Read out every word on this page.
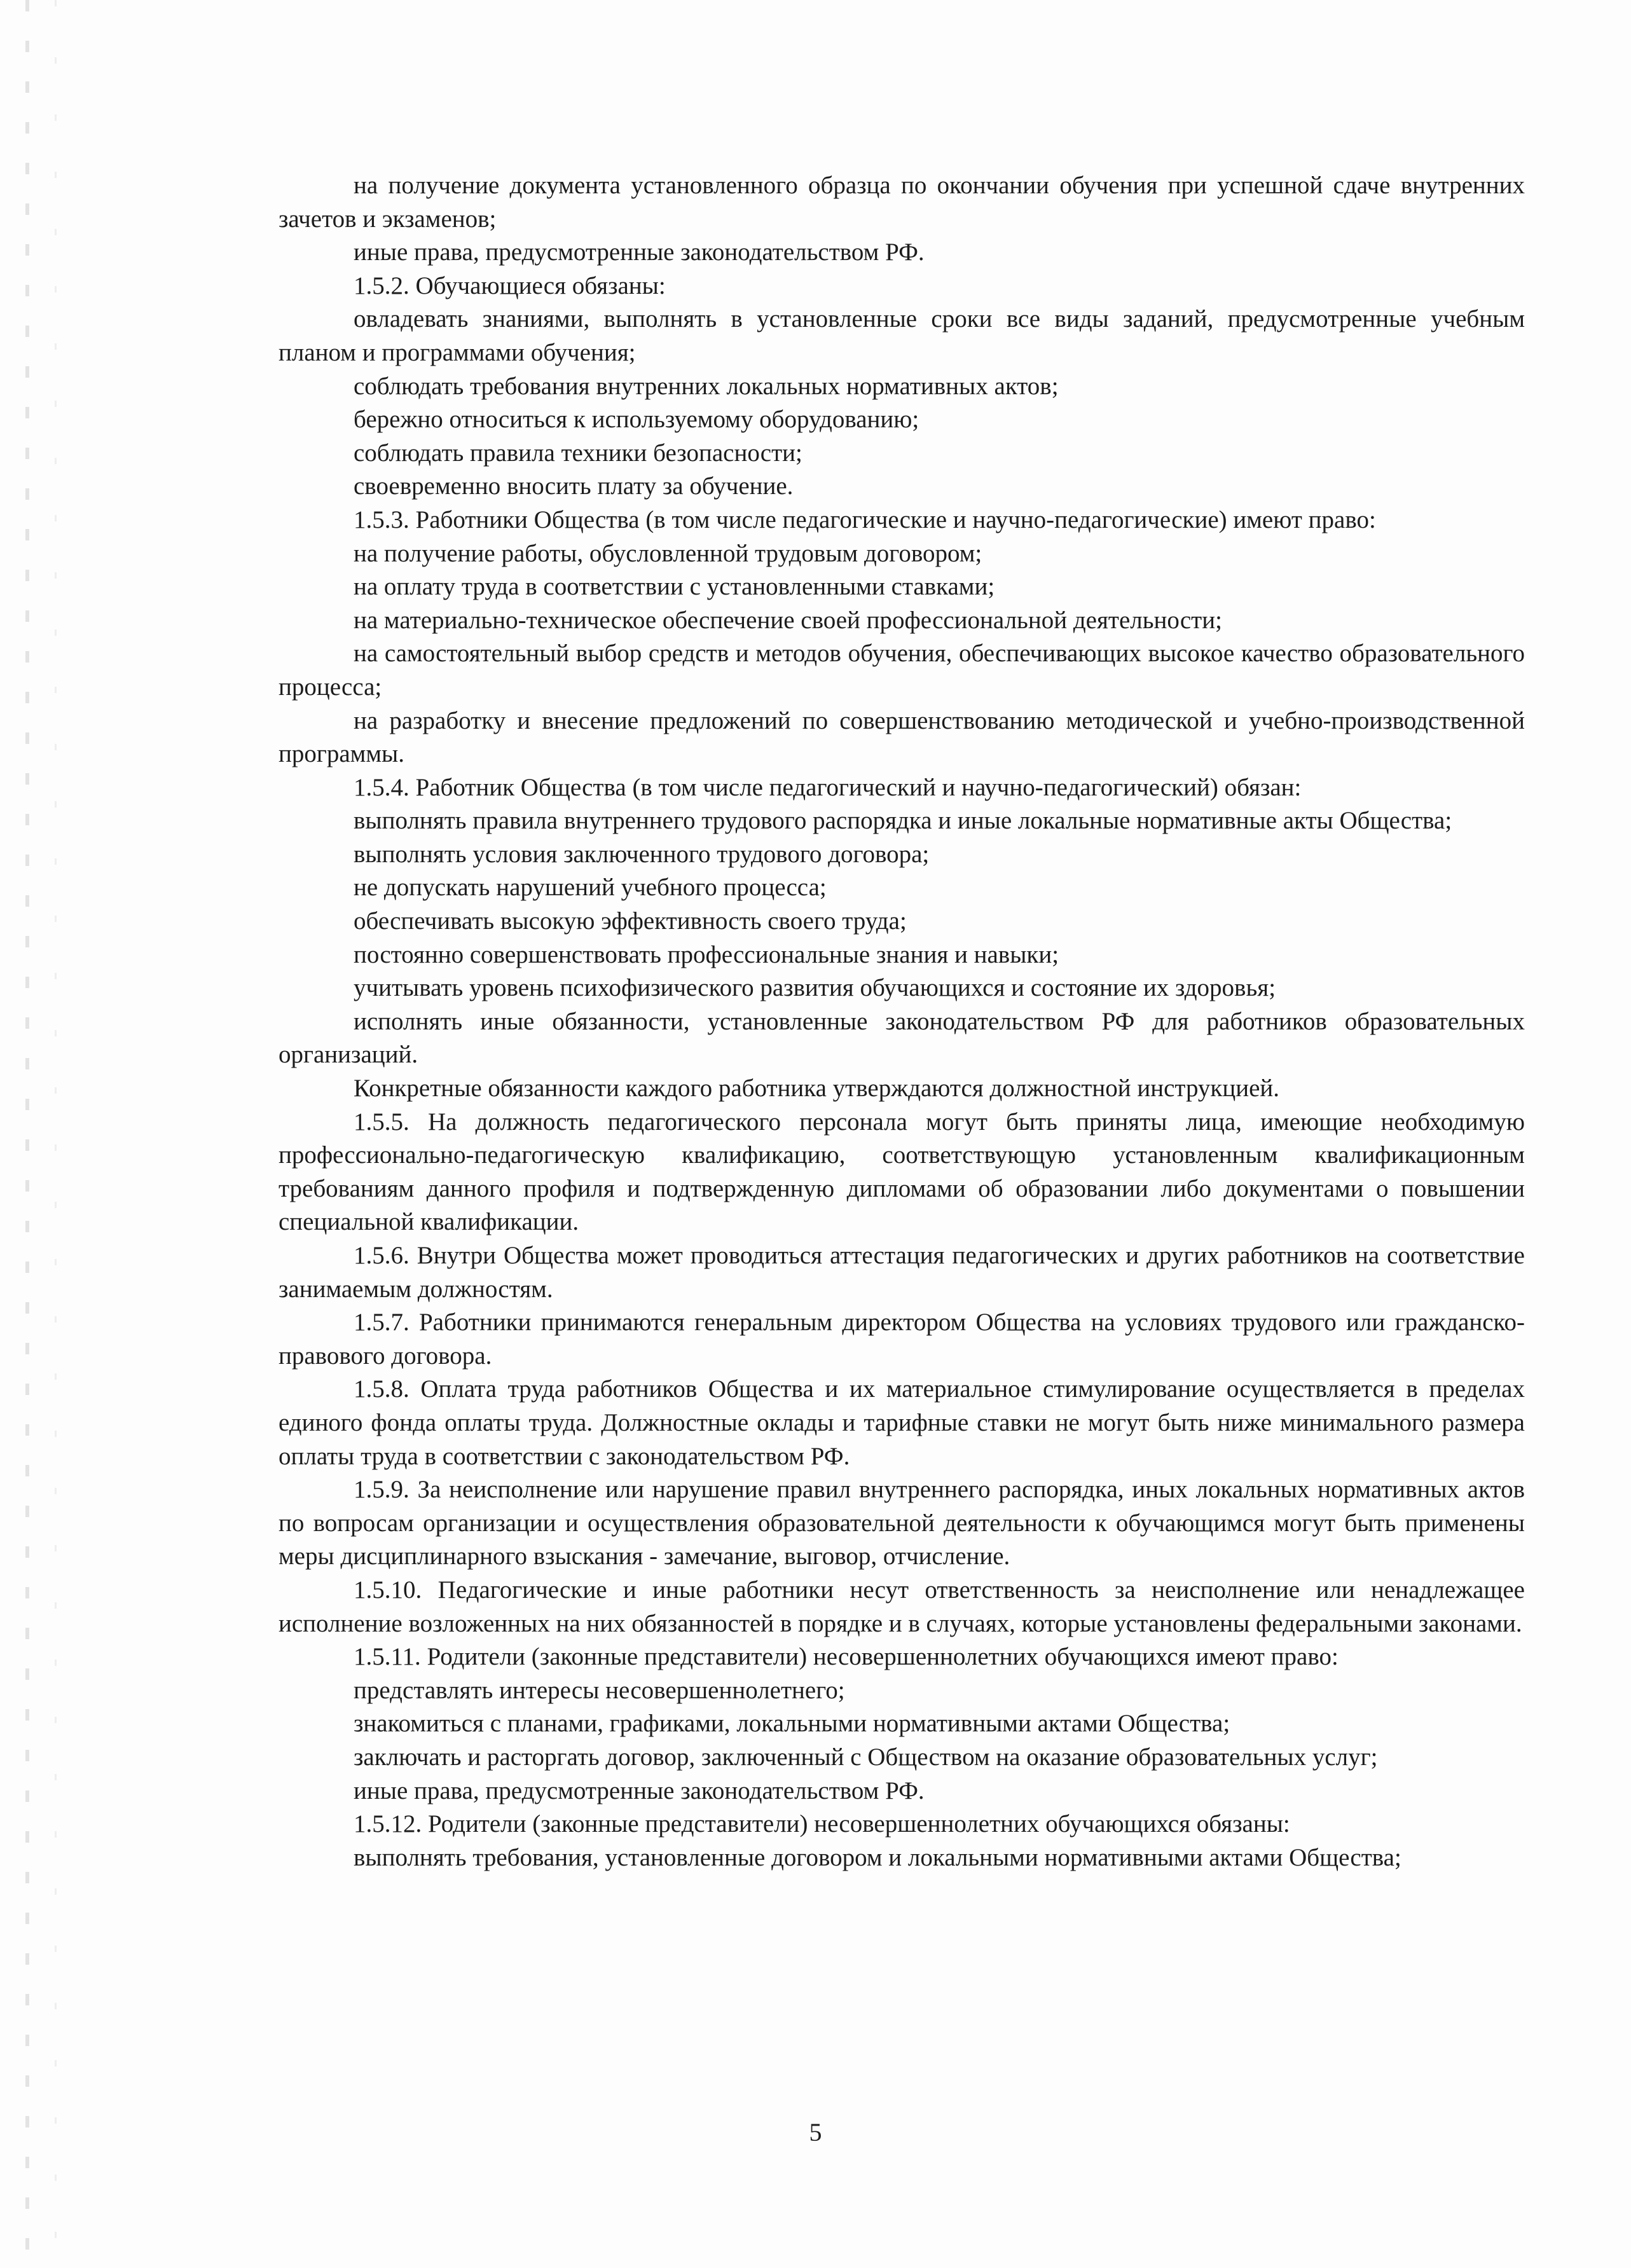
на получение документа установленного образца по окончании обучения при успешной сдаче внутренних зачетов и экзаменов;

иные права, предусмотренные законодательством РФ.

1.5.2. Обучающиеся обязаны:

овладевать знаниями, выполнять в установленные сроки все виды заданий, предусмотренные учебным планом и программами обучения;

соблюдать требования внутренних локальных нормативных актов;

бережно относиться к используемому оборудованию;

соблюдать правила техники безопасности;

своевременно вносить плату за обучение.

1.5.3. Работники Общества (в том числе педагогические и научно-педагогические) имеют право:

на получение работы, обусловленной трудовым договором;

на оплату труда в соответствии с установленными ставками;

на материально-техническое обеспечение своей профессиональной деятельности;

на самостоятельный выбор средств и методов обучения, обеспечивающих высокое качество образовательного процесса;

на разработку и внесение предложений по совершенствованию методической и учебно-производственной программы.

1.5.4. Работник Общества (в том числе педагогический и научно-педагогический) обязан:

выполнять правила внутреннего трудового распорядка и иные локальные нормативные акты Общества;

выполнять условия заключенного трудового договора;

не допускать нарушений учебного процесса;

обеспечивать высокую эффективность своего труда;

постоянно совершенствовать профессиональные знания и навыки;

учитывать уровень психофизического развития обучающихся и состояние их здоровья;

исполнять иные обязанности, установленные законодательством РФ для работников образовательных организаций.

Конкретные обязанности каждого работника утверждаются должностной инструкцией.

1.5.5. На должность педагогического персонала могут быть приняты лица, имеющие необходимую профессионально-педагогическую квалификацию, соответствующую установленным квалификационным требованиям данного профиля и подтвержденную дипломами об образовании либо документами о повышении специальной квалификации.

1.5.6. Внутри Общества может проводиться аттестация педагогических и других работников на соответствие занимаемым должностям.

1.5.7. Работники принимаются генеральным директором Общества на условиях трудового или гражданско-правового договора.

1.5.8. Оплата труда работников Общества и их материальное стимулирование осуществляется в пределах единого фонда оплаты труда. Должностные оклады и тарифные ставки не могут быть ниже минимального размера оплаты труда в соответствии с законодательством РФ.

1.5.9. За неисполнение или нарушение правил внутреннего распорядка, иных локальных нормативных актов по вопросам организации и осуществления образовательной деятельности к обучающимся могут быть применены меры дисциплинарного взыскания - замечание, выговор, отчисление.

1.5.10. Педагогические и иные работники несут ответственность за неисполнение или ненадлежащее исполнение возложенных на них обязанностей в порядке и в случаях, которые установлены федеральными законами.

1.5.11. Родители (законные представители) несовершеннолетних обучающихся имеют право:

представлять интересы несовершеннолетнего;

знакомиться с планами, графиками, локальными нормативными актами Общества;

заключать и расторгать договор, заключенный с Обществом на оказание образовательных услуг;

иные права, предусмотренные законодательством РФ.

1.5.12. Родители (законные представители) несовершеннолетних обучающихся обязаны:

выполнять требования, установленные договором и локальными нормативными актами Общества;

5
